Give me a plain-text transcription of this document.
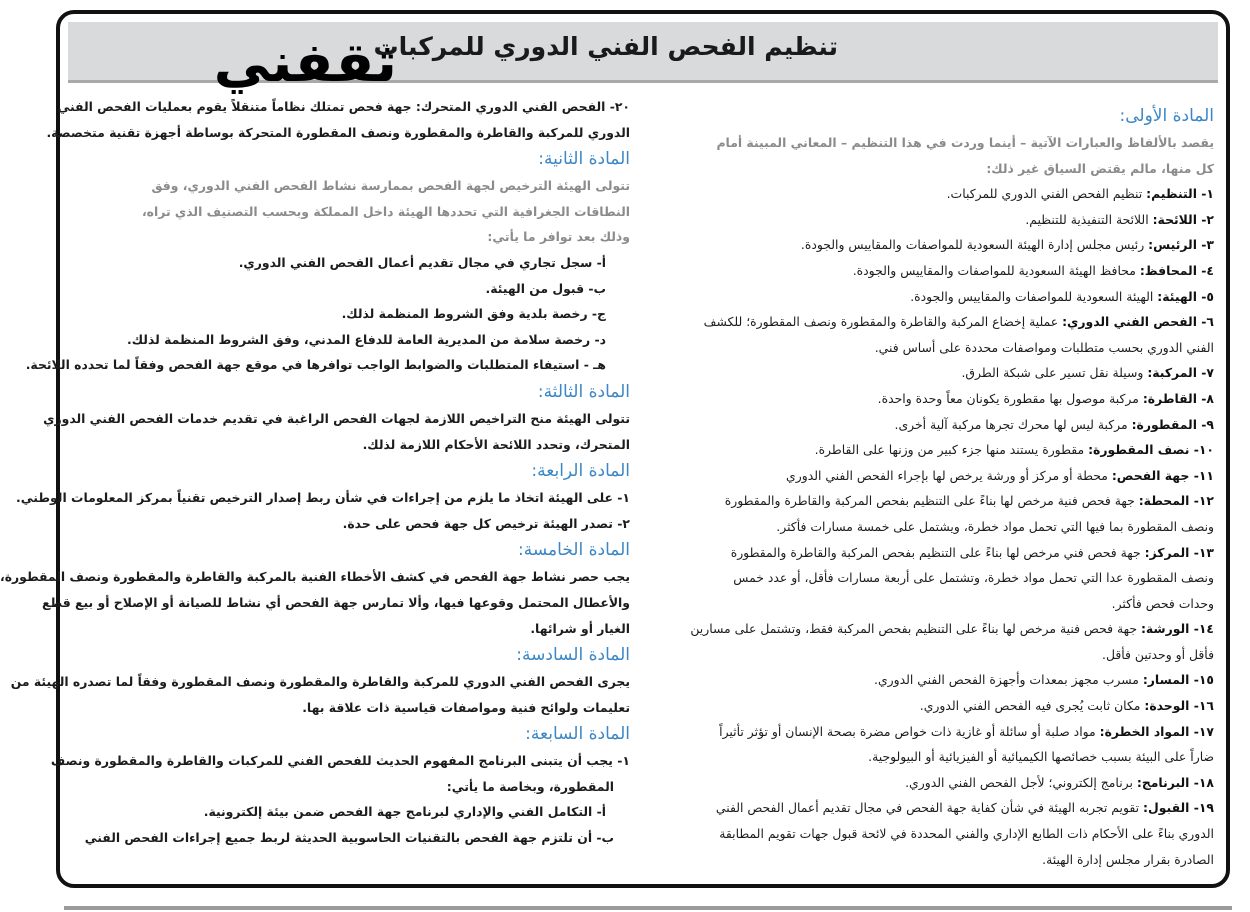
تنظيم الفحص الفني الدوري للمركبات
ثقفني
المادة الأولى:
يقصد بالألفاظ والعبارات الآتية – أينما وردت في هذا التنظيم – المعاني المبينة أمام
كل منها، مالم يقتض السياق غير ذلك:
١- التنظيم: تنظيم الفحص الفني الدوري للمركبات.
٢- اللائحة: اللائحة التنفيذية للتنظيم.
٣- الرئيس: رئيس مجلس إدارة الهيئة السعودية للمواصفات والمقاييس والجودة.
٤- المحافظ: محافظ الهيئة السعودية للمواصفات والمقاييس والجودة.
٥- الهيئة: الهيئة السعودية للمواصفات والمقاييس والجودة.
٦- الفحص الفني الدوري: عملية إخضاع المركبة والقاطرة والمقطورة ونصف المقطورة؛ للكشف
الفني الدوري بحسب متطلبات ومواصفات محددة على أساس فني.
٧- المركبة: وسيلة نقل تسير على شبكة الطرق.
٨- القاطرة: مركبة موصول بها مقطورة يكونان معاً وحدة واحدة.
٩- المقطورة: مركبة ليس لها محرك تجرها مركبة آلية أخرى.
١٠- نصف المقطورة: مقطورة يستند منها جزء كبير من وزنها على القاطرة.
١١- جهة الفحص: محطة أو مركز أو ورشة يرخص لها بإجراء الفحص الفني الدوري
١٢- المحطة: جهة فحص فنية مرخص لها بناءً على التنظيم بفحص المركبة والقاطرة والمقطورة
ونصف المقطورة بما فيها التي تحمل مواد خطرة، ويشتمل على خمسة مسارات فأكثر.
١٣- المركز: جهة فحص فني مرخص لها بناءً على التنظيم بفحص المركبة والقاطرة والمقطورة
ونصف المقطورة عدا التي تحمل مواد خطرة، وتشتمل على أربعة مسارات فأقل، أو عدد خمس
وحدات فحص فأكثر.
١٤- الورشة: جهة فحص فنية مرخص لها بناءً على التنظيم بفحص المركبة فقط، وتشتمل على مسارين
فأقل أو وحدتين فأقل.
١٥- المسار: مسرب مجهز بمعدات وأجهزة الفحص الفني الدوري.
١٦- الوحدة: مكان ثابت يُجرى فيه الفحص الفني الدوري.
١٧- المواد الخطرة: مواد صلبة أو سائلة أو غازية ذات خواص مضرة بصحة الإنسان أو تؤثر تأثيراً
ضاراً على البيئة بسبب خصائصها الكيميائية أو الفيزيائية أو البيولوجية.
١٨- البرنامج: برنامج إلكتروني؛ لأجل الفحص الفني الدوري.
١٩- القبول: تقويم تجربه الهيئة في شأن كفاية جهة الفحص في مجال تقديم أعمال الفحص الفني
الدوري بناءً على الأحكام ذات الطابع الإداري والفني المحددة في لائحة قبول جهات تقويم المطابقة
الصادرة بقرار مجلس إدارة الهيئة.
٢٠- الفحص الفني الدوري المتحرك: جهة فحص تمتلك نظاماً متنقلاً يقوم بعمليات الفحص الفني
الدوري للمركبة والقاطرة والمقطورة ونصف المقطورة المتحركة بوساطة أجهزة تقنية متخصصة.
المادة الثانية:
تتولى الهيئة الترخيص لجهة الفحص بممارسة نشاط الفحص الفني الدوري، وفق
النطاقات الجغرافية التي تحددها الهيئة داخل المملكة وبحسب التصنيف الذي تراه،
وذلك بعد توافر ما يأتي:
أ- سجل تجاري في مجال تقديم أعمال الفحص الفني الدوري.
ب- قبول من الهيئة.
ج- رخصة بلدية وفق الشروط المنظمة لذلك.
د- رخصة سلامة من المديرية العامة للدفاع المدني، وفق الشروط المنظمة لذلك.
هـ - استيفاء المتطلبات والضوابط الواجب توافرها في موقع جهة الفحص وفقاً لما تحدده اللائحة.
المادة الثالثة:
تتولى الهيئة منح التراخيص اللازمة لجهات الفحص الراغبة في تقديم خدمات الفحص الفني الدوري
المتحرك، وتحدد اللائحة الأحكام اللازمة لذلك.
المادة الرابعة:
١- على الهيئة اتخاذ ما يلزم من إجراءات في شأن ربط إصدار الترخيص تقنياً بمركز المعلومات الوطني.
٢- تصدر الهيئة ترخيص كل جهة فحص على حدة.
المادة الخامسة:
يجب حصر نشاط جهة الفحص في كشف الأخطاء الفنية بالمركبة والقاطرة والمقطورة ونصف المقطورة،
والأعطال المحتمل وقوعها فيها، وألا تمارس جهة الفحص أي نشاط للصيانة أو الإصلاح أو بيع قطع
الغيار أو شرائها.
المادة السادسة:
يجرى الفحص الفني الدوري للمركبة والقاطرة والمقطورة ونصف المقطورة وفقاً لما تصدره الهيئة من
تعليمات ولوائح فنية ومواصفات قياسية ذات علاقة بها.
المادة السابعة:
١- يجب أن يتبنى البرنامج المفهوم الحديث للفحص الفني للمركبات والقاطرة والمقطورة ونصف
المقطورة، وبخاصة ما يأتي:
أ- التكامل الفني والإداري لبرنامج جهة الفحص ضمن بيئة إلكترونية.
ب- أن تلتزم جهة الفحص بالتقنيات الحاسوبية الحديثة لربط جميع إجراءات الفحص الفني
